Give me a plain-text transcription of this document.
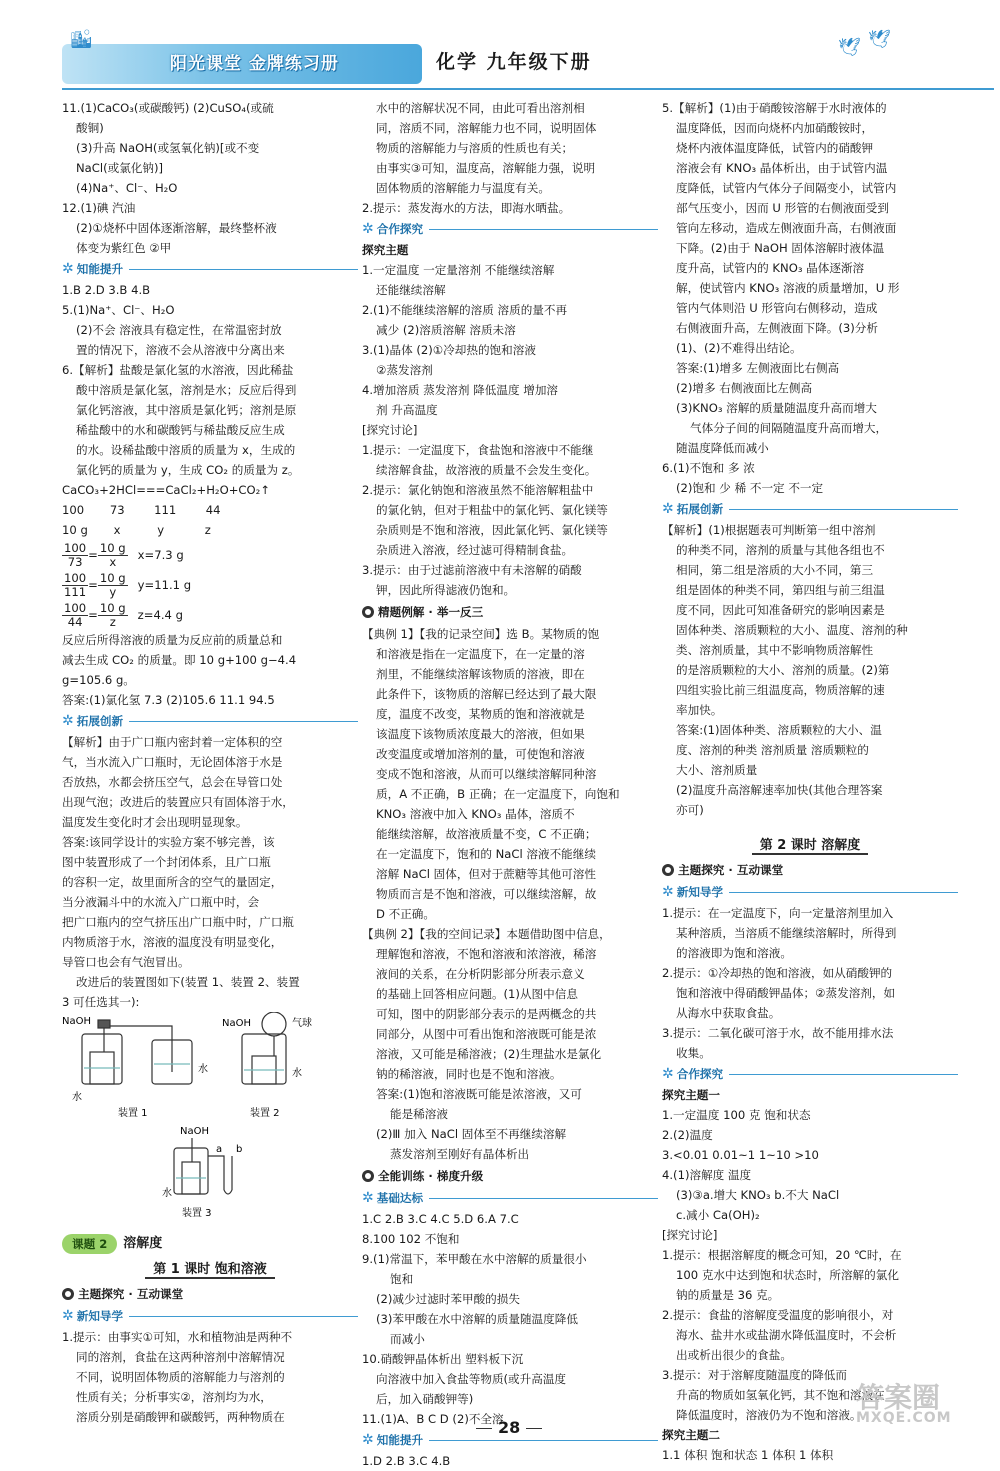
🏙
阳光课堂 金牌练习册	化学 九年级下册
🕊 🕊
11.(1)CaCO₃(或碳酸钙) (2)CuSO₄(或硫
酸铜)
(3)升高 NaOH(或氢氧化钠)[或不变
NaCl(或氯化钠)]
(4)Na⁺、Cl⁻、H₂O
12.(1)碘 汽油
(2)①烧杯中固体逐渐溶解，最终整杯液
体变为紫红色 ②甲
✲ 知能提升
1.B 2.D 3.B 4.B
5.(1)Na⁺、Cl⁻、H₂O
(2)不会 溶液具有稳定性，在常温密封放
置的情况下，溶液不会从溶液中分离出来
6.【解析】盐酸是氯化氢的水溶液，因此稀盐
酸中溶质是氯化氢，溶剂是水；反应后得到
氯化钙溶液，其中溶质是氯化钙；溶剂是原
稀盐酸中的水和碳酸钙与稀盐酸反应生成
的水。设稀盐酸中溶质的质量为 x，生成的
氯化钙的质量为 y，生成 CO₂ 的质量为 z。
CaCO₃+2HCl===CaCl₂+H₂O+CO₂↑
100       73        111        44
10 g       x          y           z
$\frac{100}{73} = \frac{10 g}{x} x=7.3$ g
$\frac{100}{111} = \frac{10 g}{y} y=11.1$ g
$\frac{100}{44} = \frac{10 g}{z} z=4.4$ g
反应后所得溶液的质量为反应前的质量总和
减去生成 CO₂ 的质量。即 10 g+100 g−4.4
g=105.6 g。
答案:(1)氯化氢 7.3 (2)105.6 11.1 94.5
✲ 拓展创新
【解析】由于广口瓶内密封着一定体积的空
气，当水流入广口瓶时，无论固体溶于水是
否放热，水都会挤压空气，总会在导管口处
出现气泡；改进后的装置应只有固体溶于水，
温度发生变化时才会出现明显现象。
答案:该同学设计的实验方案不够完善，该
图中装置形成了一个封闭体系，且广口瓶
的容积一定，故里面所含的空气的量固定，
当分液漏斗中的水流入广口瓶中时，会
把广口瓶内的空气挤压出广口瓶中时，广口瓶
内物质溶于水，溶液的温度没有明显变化，
导管口也会有气泡冒出。
改进后的装置图如下(装置 1、装置 2、装置
3 可任选其一):
NaOH
水
水
装置 1
NaOH	气球
水
装置 2
NaOH
a b
水
装置 3
课题 2	溶解度
第 1 课时 饱和溶液
主题探究 · 互动课堂
✲ 新知导学
1.提示：由事实①可知，水和植物油是两种不
同的溶剂，食盐在这两种溶剂中溶解情况
不同，说明固体物质的溶解能力与溶剂的
性质有关；分析事实②，溶剂均为水，
溶质分别是硝酸钾和碳酸钙，两种物质在
水中的溶解状况不同，由此可看出溶剂相
同，溶质不同，溶解能力也不同，说明固体
物质的溶解能力与溶质的性质也有关；
由事实③可知，温度高，溶解能力强，说明
固体物质的溶解能力与温度有关。
2.提示：蒸发海水的方法，即海水晒盐。
✲ 合作探究
探究主题
1.一定温度 一定量溶剂 不能继续溶解
还能继续溶解
2.(1)不能继续溶解的溶质 溶质的量不再
减少 (2)溶质溶解 溶质未溶
3.(1)晶体 (2)①冷却热的饱和溶液
②蒸发溶剂
4.增加溶质 蒸发溶剂 降低温度 增加溶
剂 升高温度
[探究讨论]
1.提示：一定温度下，食盐饱和溶液中不能继
续溶解食盐，故溶液的质量不会发生变化。
2.提示：氯化钠饱和溶液虽然不能溶解粗盐中
的氯化钠，但对于粗盐中的氯化钙、氯化镁等
杂质则是不饱和溶液，因此氯化钙、氯化镁等
杂质进入溶液，经过滤可得精制食盐。
3.提示：由于过滤前溶液中有未溶解的硝酸
钾，因此所得滤液仍饱和。
精题例解 · 举一反三
【典例 1】【我的记录空间】选 B。某物质的饱
和溶液是指在一定温度下，在一定量的溶
剂里，不能继续溶解该物质的溶液，即在
此条件下，该物质的溶解已经达到了最大限
度，温度不改变，某物质的饱和溶液就是
该温度下该物质浓度最大的溶液，但如果
改变温度或增加溶剂的量，可使饱和溶液
变成不饱和溶液，从而可以继续溶解同种溶
质，A 不正确，B 正确；在一定温度下，向饱和
KNO₃ 溶液中加入 KNO₃ 晶体，溶质不
能继续溶解，故溶液质量不变，C 不正确；
在一定温度下，饱和的 NaCl 溶液不能继续
溶解 NaCl 固体，但对于蔗糖等其他可溶性
物质而言是不饱和溶液，可以继续溶解，故
D 不正确。
【典例 2】【我的空间记录】本题借助图中信息，
理解饱和溶液，不饱和溶液和浓溶液，稀溶
液间的关系，在分析阴影部分所表示意义
的基础上回答相应问题。(1)从图中信息
可知，图中的阴影部分表示的是两概念的共
同部分，从图中可看出饱和溶液既可能是浓
溶液，又可能是稀溶液；(2)生理盐水是氯化
钠的稀溶液，同时也是不饱和溶液。
答案:(1)饱和溶液既可能是浓溶液，又可
能是稀溶液
(2)Ⅲ 加入 NaCl 固体至不再继续溶解
蒸发溶剂至刚好有晶体析出
全能训练 · 梯度升级
✲ 基础达标
1.C 2.B 3.C 4.C 5.D 6.A 7.C
8.100 102 不饱和
9.(1)常温下，苯甲酸在水中溶解的质量很小
饱和
(2)减少过滤时苯甲酸的损失
(3)苯甲酸在水中溶解的质量随温度降低
而减小
10.硝酸钾晶体析出 塑料板下沉
向溶液中加入食盐等物质(或升高温度
后，加入硝酸钾等)
11.(1)A、B C D (2)不全溶
✲ 知能提升
1.D 2.B 3.C 4.B
5.【解析】(1)由于硝酸铵溶解于水时液体的
温度降低，因而向烧杯内加硝酸铵时，
烧杯内液体温度降低，试管内的硝酸钾
溶液会有 KNO₃ 晶体析出，由于试管内温
度降低，试管内气体分子间隔变小，试管内
部气压变小，因而 U 形管的右侧液面受到
管向左移动，造成左侧液面升高，右侧液面
下降。(2)由于 NaOH 固体溶解时液体温
度升高，试管内的 KNO₃ 晶体逐渐溶
解，使试管内 KNO₃ 溶液的质量增加，U 形
管内气体则沿 U 形管向右侧移动，造成
右侧液面升高，左侧液面下降。(3)分析
(1)、(2)不难得出结论。
答案:(1)增多 左侧液面比右侧高
(2)增多 右侧液面比左侧高
(3)KNO₃ 溶解的质量随温度升高而增大
气体分子间的间隔随温度升高而增大，
随温度降低而减小
6.(1)不饱和 多 浓
(2)饱和 少 稀 不一定 不一定
✲ 拓展创新
【解析】(1)根据题表可判断第一组中溶剂
的种类不同，溶剂的质量与其他各组也不
相同，第二组是溶质的大小不同，第三
组是固体的种类不同，第四组与前三组温
度不同，因此可知准备研究的影响因素是
固体种类、溶质颗粒的大小、温度、溶剂的种
类、溶剂质量，其中不影响物质溶解性
的是溶质颗粒的大小、溶剂的质量。(2)第
四组实验比前三组温度高，物质溶解的速
率加快。
答案:(1)固体种类、溶质颗粒的大小、温
度、溶剂的种类 溶剂质量 溶质颗粒的
大小、溶剂质量
(2)温度升高溶解速率加快(其他合理答案
亦可)
第 2 课时 溶解度
主题探究 · 互动课堂
✲ 新知导学
1.提示：在一定温度下，向一定量溶剂里加入
某种溶质，当溶质不能继续溶解时，所得到
的溶液即为饱和溶液。
2.提示：①冷却热的饱和溶液，如从硝酸钾的
饱和溶液中得硝酸钾晶体；②蒸发溶剂，如
从海水中获取食盐。
3.提示：二氧化碳可溶于水，故不能用排水法
收集。
✲ 合作探究
探究主题一
1.一定温度 100 克 饱和状态
2.(2)温度
3.<0.01 0.01~1 1~10 >10
4.(1)溶解度 温度
(3)③a.增大 KNO₃ b.不大 NaCl
c.减小 Ca(OH)₂
[探究讨论]
1.提示：根据溶解度的概念可知，20 ℃时，在
100 克水中达到饱和状态时，所溶解的氯化
钠的质量是 36 克。
2.提示：食盐的溶解度受温度的影响很小，对
海水、盐井水或盐湖水降低温度时，不会析
出或析出很少的食盐。
3.提示：对于溶解度随温度的降低而
升高的物质如氢氧化钙，其不饱和溶液在
降低温度时，溶液仍为不饱和溶液。
探究主题二
1.1 体积 饱和状态 1 体积 1 体积
28
答案圈
MXQE.COM
